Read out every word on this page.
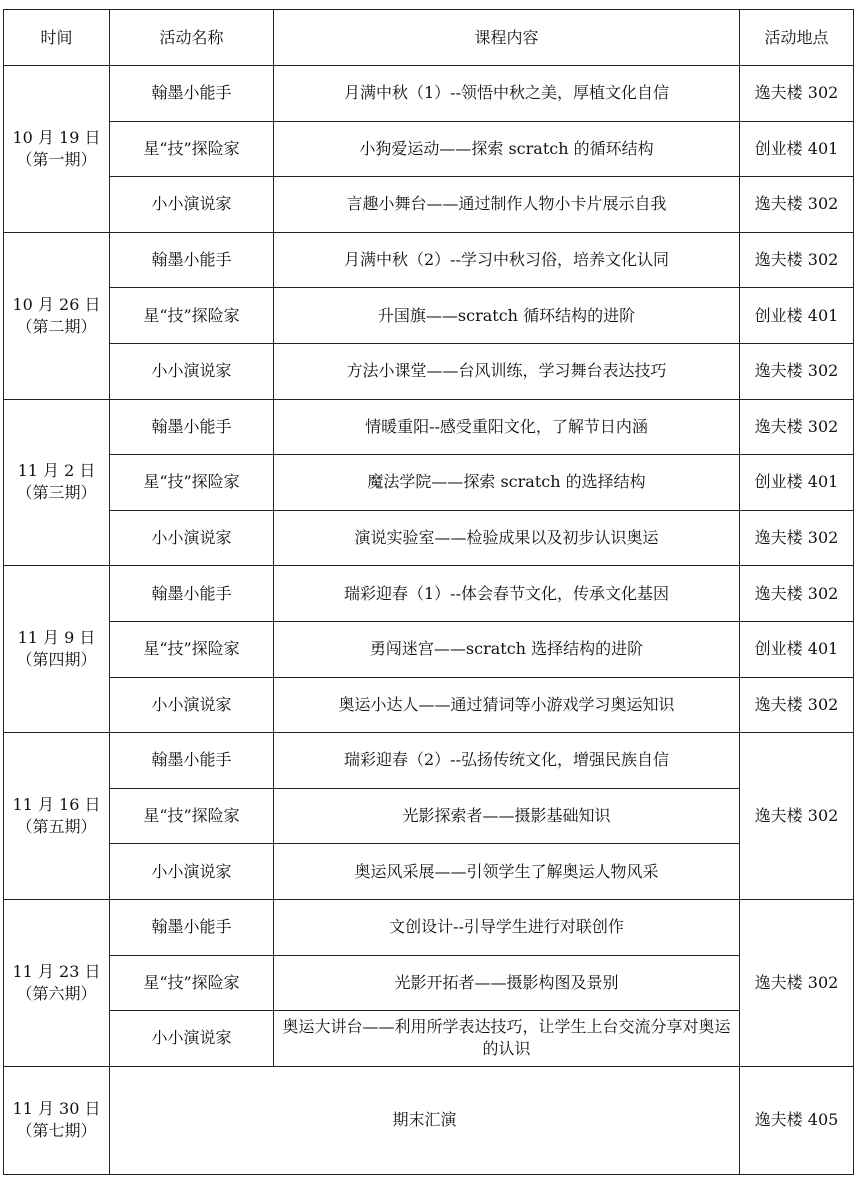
时间	活动名称	课程内容	活动地点

10 月 19 日
（第一期）	翰墨小能手	月满中秋（1）--领悟中秋之美，厚植文化自信	逸夫楼 302
	星“技”探险家	小狗爱运动——探索 scratch 的循环结构	创业楼 401
	小小演说家	言趣小舞台——通过制作人物小卡片展示自我	逸夫楼 302

10 月 26 日
（第二期）	翰墨小能手	月满中秋（2）--学习中秋习俗，培养文化认同	逸夫楼 302
	星“技”探险家	升国旗——scratch 循环结构的进阶	创业楼 401
	小小演说家	方法小课堂——台风训练，学习舞台表达技巧	逸夫楼 302

11 月 2 日
（第三期）	翰墨小能手	情暖重阳--感受重阳文化，了解节日内涵	逸夫楼 302
	星“技”探险家	魔法学院——探索 scratch 的选择结构	创业楼 401
	小小演说家	演说实验室——检验成果以及初步认识奥运	逸夫楼 302

11 月 9 日
（第四期）	翰墨小能手	瑞彩迎春（1）--体会春节文化，传承文化基因	逸夫楼 302
	星“技”探险家	勇闯迷宫——scratch 选择结构的进阶	创业楼 401
	小小演说家	奥运小达人——通过猜词等小游戏学习奥运知识	逸夫楼 302

11 月 16 日
（第五期）	翰墨小能手	瑞彩迎春（2）--弘扬传统文化，增强民族自信	逸夫楼 302
	星“技”探险家	光影探索者——摄影基础知识	
	小小演说家	奥运风采展——引领学生了解奥运人物风采	

11 月 23 日
（第六期）	翰墨小能手	文创设计--引导学生进行对联创作	逸夫楼 302
	星“技”探险家	光影开拓者——摄影构图及景别	
	小小演说家	奥运大讲台——利用所学表达技巧，让学生上台交流分享对奥运的认识	

11 月 30 日
（第七期）	期末汇演		逸夫楼 405
